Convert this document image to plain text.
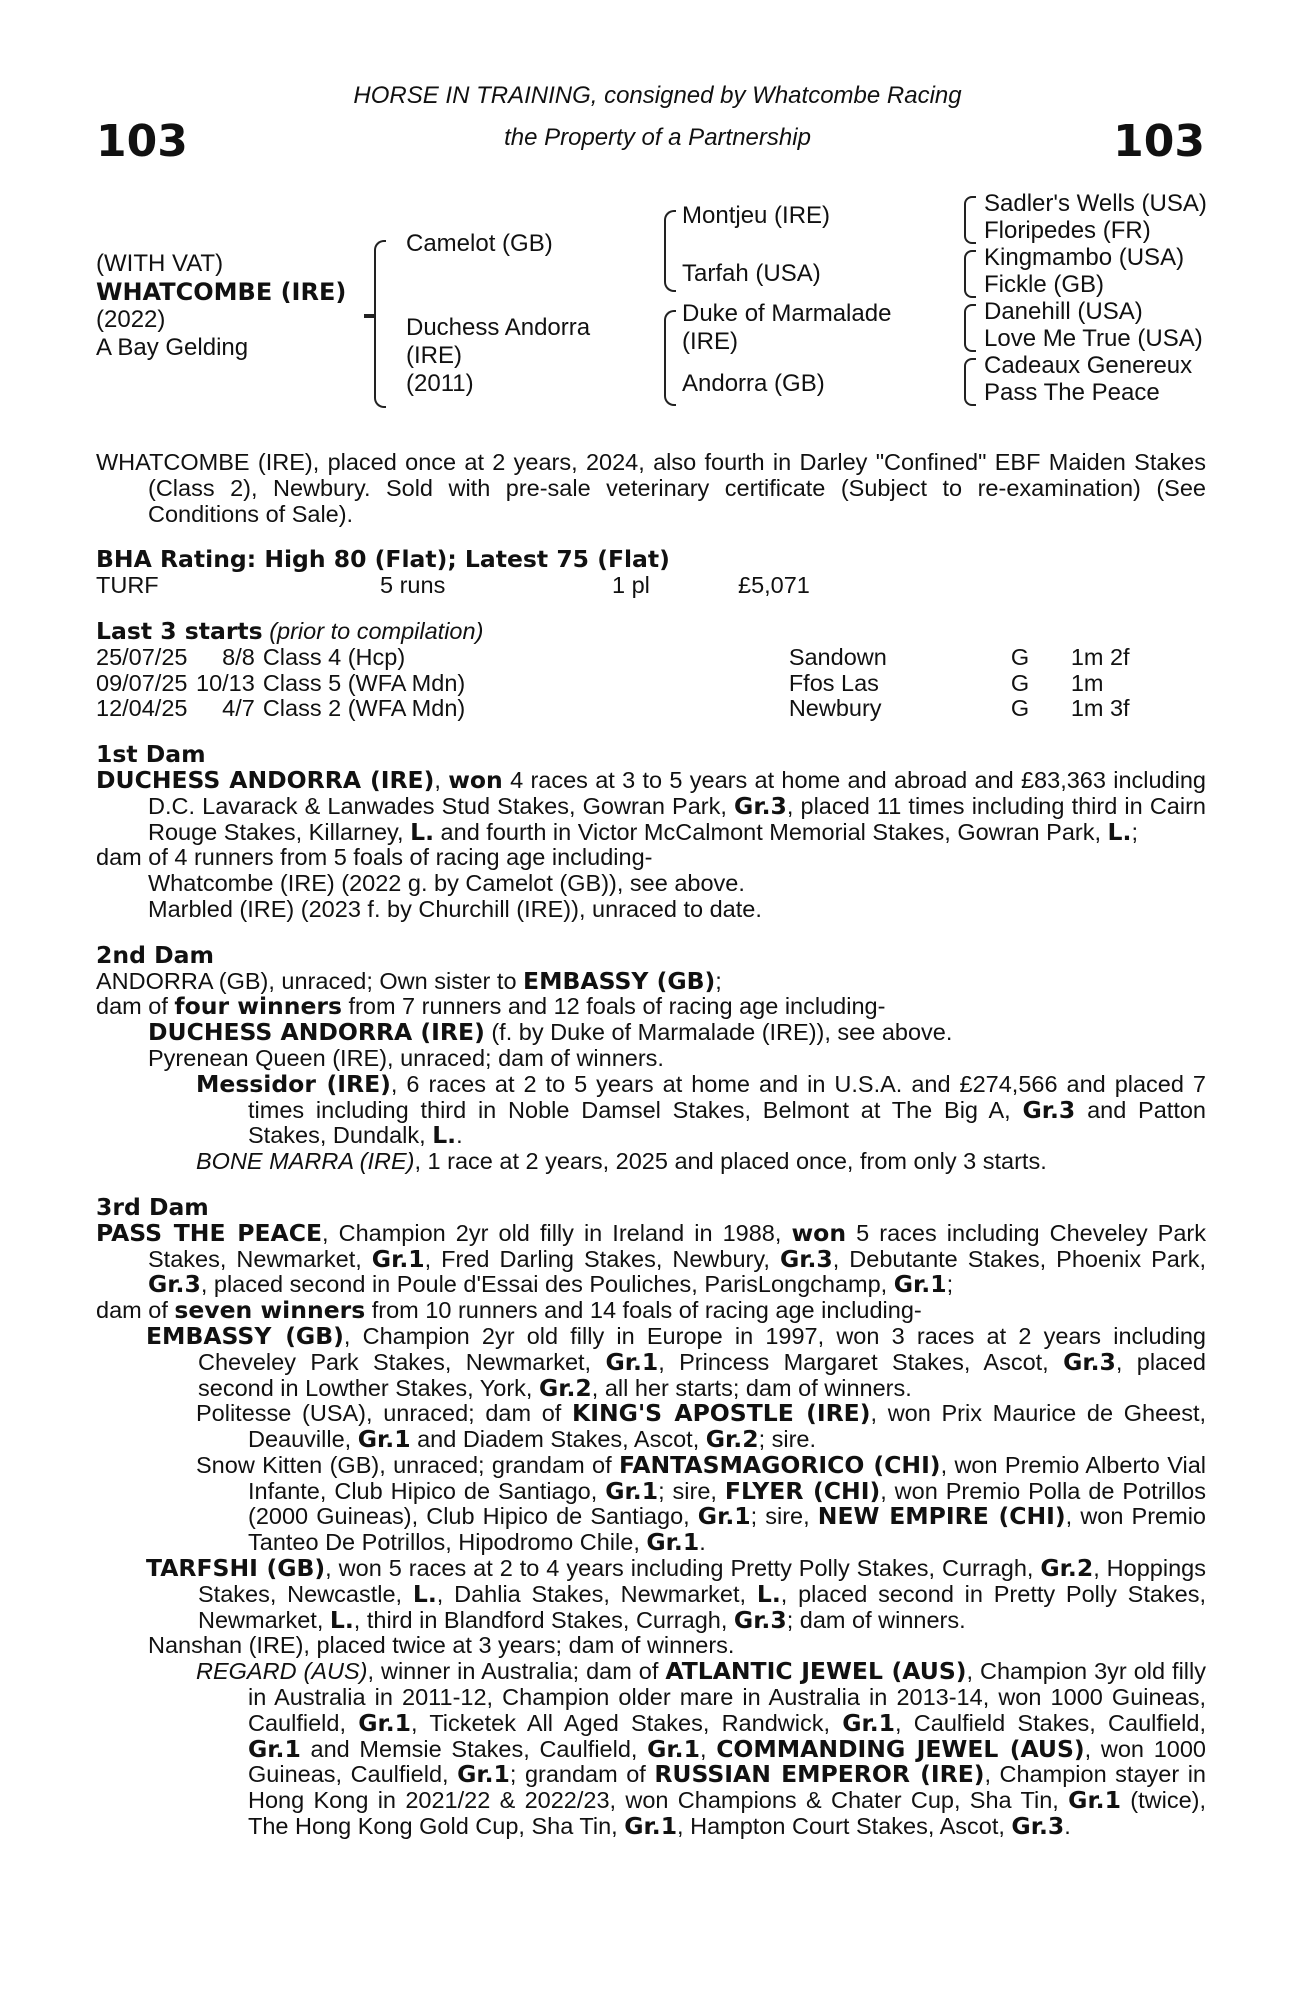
103	103
HORSE IN TRAINING, consigned by Whatcombe Racing
the Property of a Partnership
(WITH VAT)
WHATCOMBE (IRE)
(2022)
A Bay Gelding
Camelot (GB)
Duchess Andorra
(IRE)
(2011)
Montjeu (IRE)
Tarfah (USA)
Duke of Marmalade
(IRE)
Andorra (GB)
Sadler's Wells (USA)
Floripedes (FR)
Kingmambo (USA)
Fickle (GB)
Danehill (USA)
Love Me True (USA)
Cadeaux Genereux
Pass The Peace

WHATCOMBE (IRE), placed once at 2 years, 2024, also fourth in Darley "Confined" EBF Maiden Stakes (Class 2), Newbury. Sold with pre-sale veterinary certificate (Subject to re-examination) (See Conditions of Sale).

BHA Rating: High 80 (Flat); Latest 75 (Flat)

TURF	5 runs	1 pl	£5,071

Last 3 starts (prior to compilation)

25/07/25	8/8	Class 4 (Hcp)	Sandown	G	1m 2f
09/07/25	10/13	Class 5 (WFA Mdn)	Ffos Las	G	1m
12/04/25	4/7	Class 2 (WFA Mdn)	Newbury	G	1m 3f

1st Dam

DUCHESS ANDORRA (IRE), won 4 races at 3 to 5 years at home and abroad and £83,363 including D.C. Lavarack & Lanwades Stud Stakes, Gowran Park, Gr.3, placed 11 times including third in Cairn Rouge Stakes, Killarney, L. and fourth in Victor McCalmont Memorial Stakes, Gowran Park, L.;

dam of 4 runners from 5 foals of racing age including-

Whatcombe (IRE) (2022 g. by Camelot (GB)), see above.

Marbled (IRE) (2023 f. by Churchill (IRE)), unraced to date.

2nd Dam

ANDORRA (GB), unraced; Own sister to EMBASSY (GB);

dam of four winners from 7 runners and 12 foals of racing age including-

DUCHESS ANDORRA (IRE) (f. by Duke of Marmalade (IRE)), see above.

Pyrenean Queen (IRE), unraced; dam of winners.

Messidor (IRE), 6 races at 2 to 5 years at home and in U.S.A. and £274,566 and placed 7 times including third in Noble Damsel Stakes, Belmont at The Big A, Gr.3 and Patton Stakes, Dundalk, L..

BONE MARRA (IRE), 1 race at 2 years, 2025 and placed once, from only 3 starts.

3rd Dam

PASS THE PEACE, Champion 2yr old filly in Ireland in 1988, won 5 races including Cheveley Park Stakes, Newmarket, Gr.1, Fred Darling Stakes, Newbury, Gr.3, Debutante Stakes, Phoenix Park, Gr.3, placed second in Poule d'Essai des Pouliches, ParisLongchamp, Gr.1;

dam of seven winners from 10 runners and 14 foals of racing age including-

EMBASSY (GB), Champion 2yr old filly in Europe in 1997, won 3 races at 2 years including Cheveley Park Stakes, Newmarket, Gr.1, Princess Margaret Stakes, Ascot, Gr.3, placed second in Lowther Stakes, York, Gr.2, all her starts; dam of winners.

Politesse (USA), unraced; dam of KING'S APOSTLE (IRE), won Prix Maurice de Gheest, Deauville, Gr.1 and Diadem Stakes, Ascot, Gr.2; sire.

Snow Kitten (GB), unraced; grandam of FANTASMAGORICO (CHI), won Premio Alberto Vial Infante, Club Hipico de Santiago, Gr.1; sire, FLYER (CHI), won Premio Polla de Potrillos (2000 Guineas), Club Hipico de Santiago, Gr.1; sire, NEW EMPIRE (CHI), won Premio Tanteo De Potrillos, Hipodromo Chile, Gr.1.

TARFSHI (GB), won 5 races at 2 to 4 years including Pretty Polly Stakes, Curragh, Gr.2, Hoppings Stakes, Newcastle, L., Dahlia Stakes, Newmarket, L., placed second in Pretty Polly Stakes, Newmarket, L., third in Blandford Stakes, Curragh, Gr.3; dam of winners.

Nanshan (IRE), placed twice at 3 years; dam of winners.

REGARD (AUS), winner in Australia; dam of ATLANTIC JEWEL (AUS), Champion 3yr old filly in Australia in 2011-12, Champion older mare in Australia in 2013-14, won 1000 Guineas, Caulfield, Gr.1, Ticketek All Aged Stakes, Randwick, Gr.1, Caulfield Stakes, Caulfield, Gr.1 and Memsie Stakes, Caulfield, Gr.1, COMMANDING JEWEL (AUS), won 1000 Guineas, Caulfield, Gr.1; grandam of RUSSIAN EMPEROR (IRE), Champion stayer in Hong Kong in 2021/22 & 2022/23, won Champions & Chater Cup, Sha Tin, Gr.1 (twice), The Hong Kong Gold Cup, Sha Tin, Gr.1, Hampton Court Stakes, Ascot, Gr.3.
